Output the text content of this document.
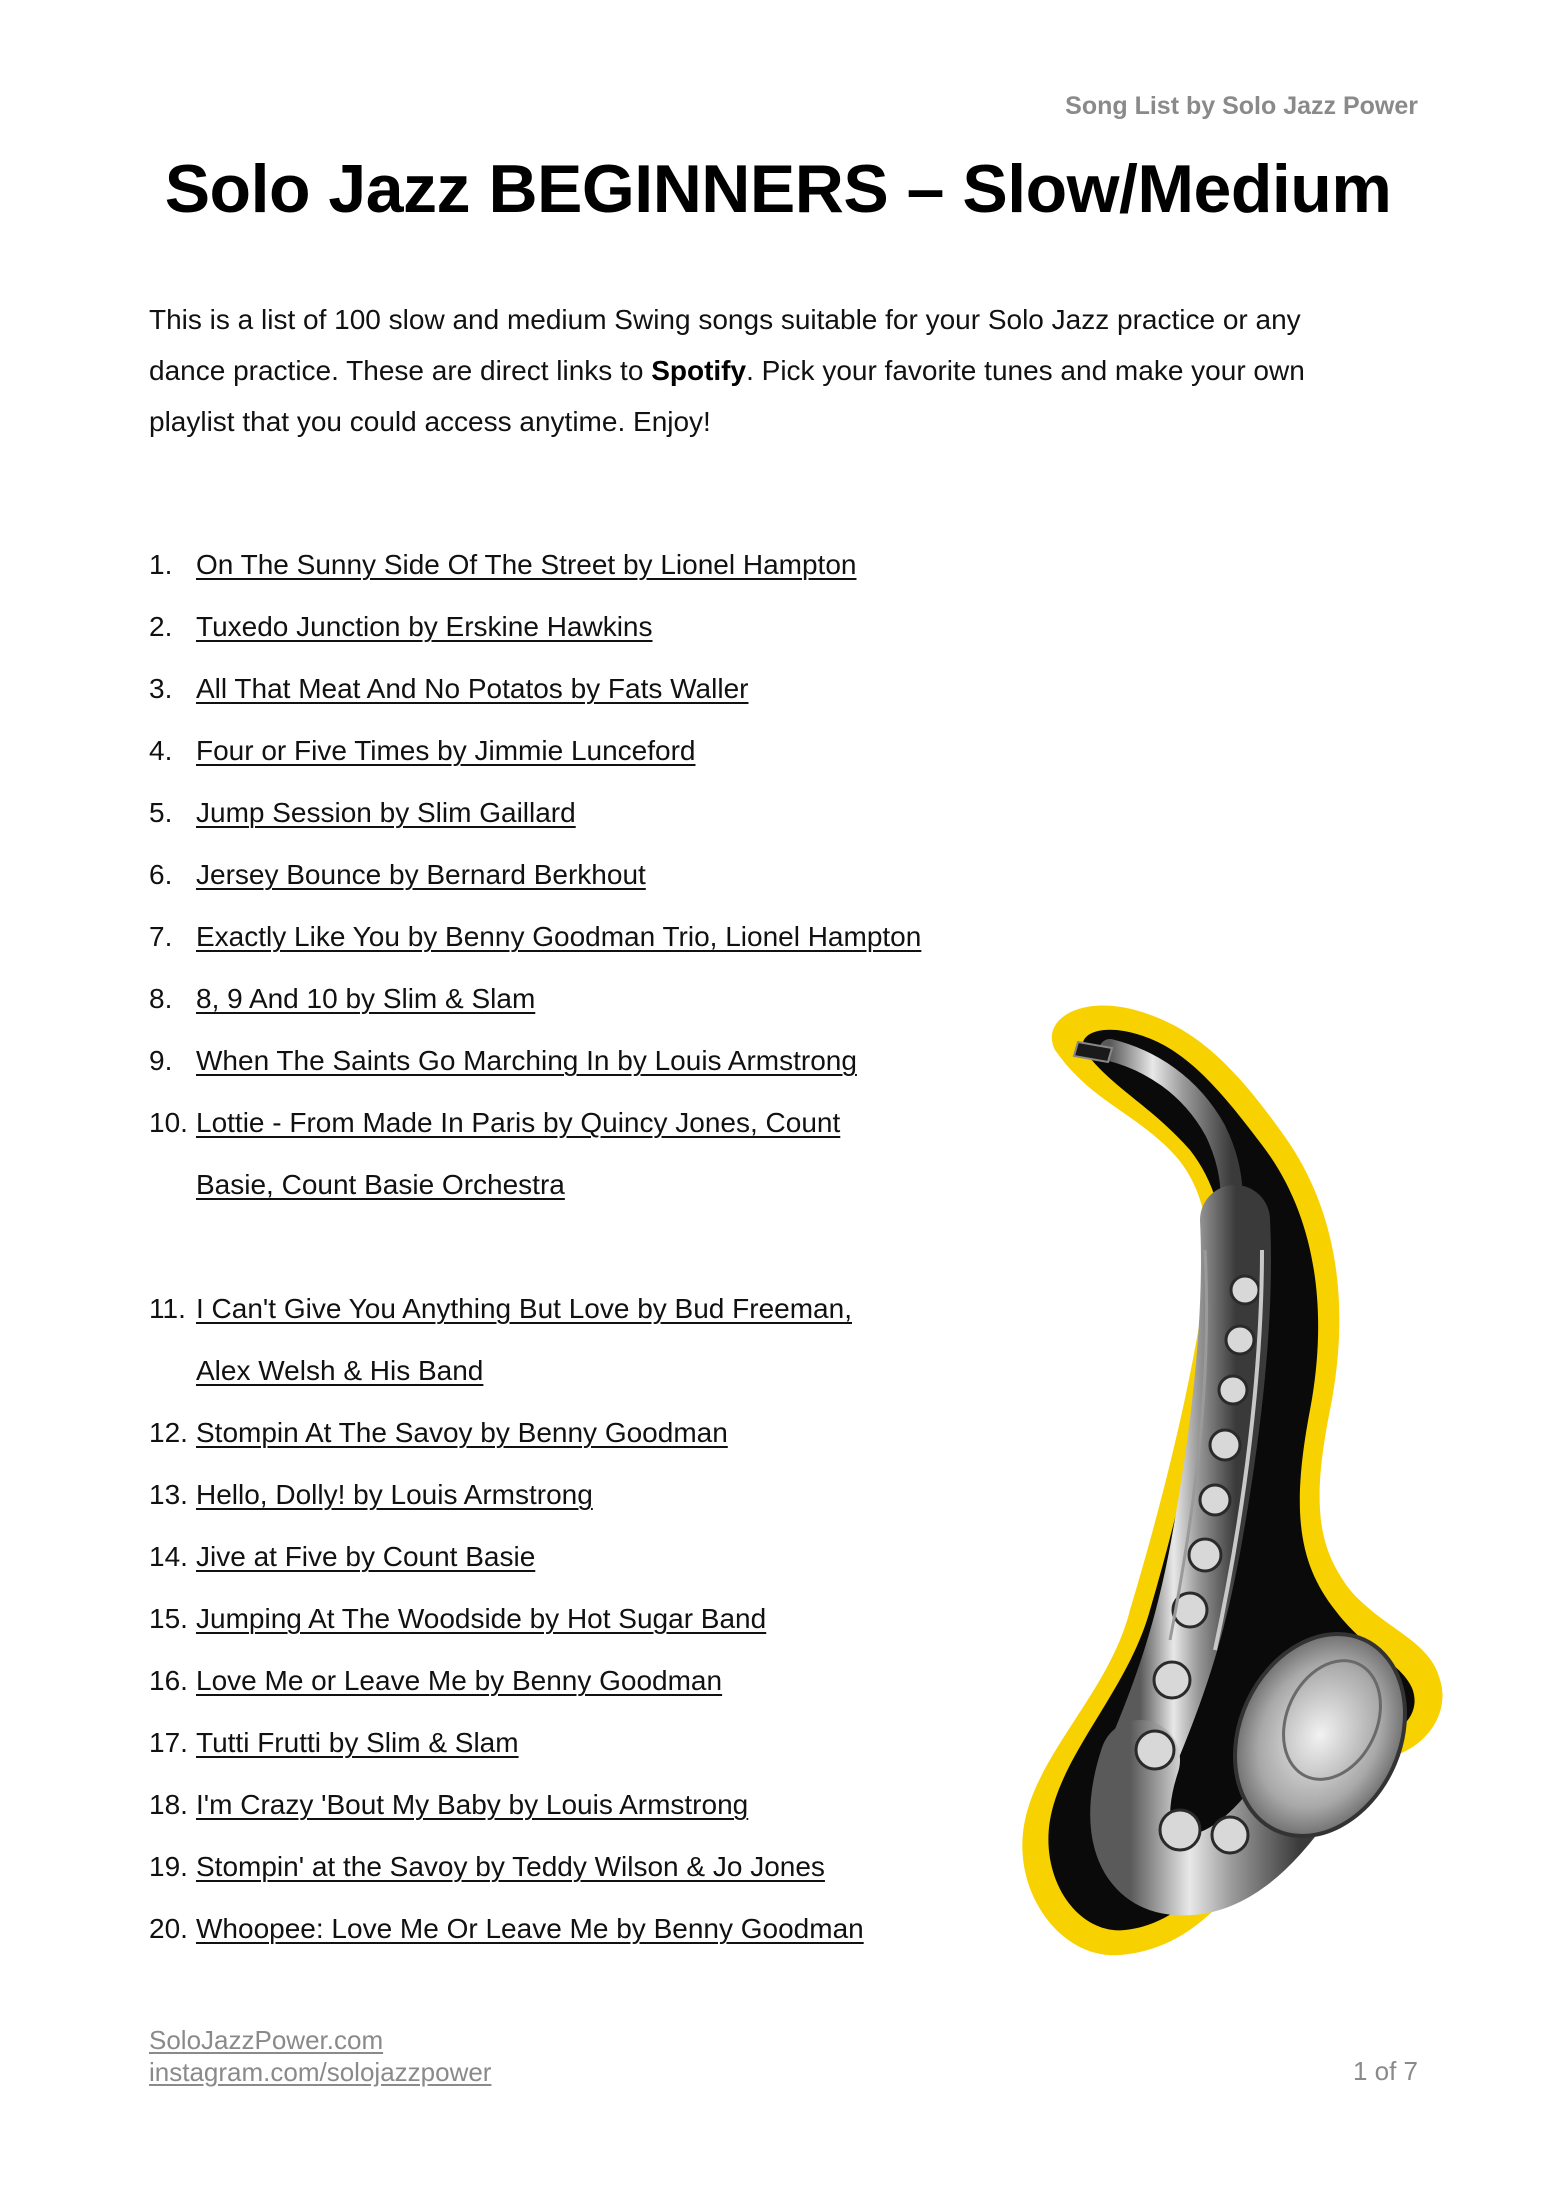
Song List by Solo Jazz Power
Solo Jazz BEGINNERS – Slow/Medium

This is a list of 100 slow and medium Swing songs suitable for your Solo Jazz practice or any dance practice. These are direct links to Spotify. Pick your favorite tunes and make your own playlist that you could access anytime. Enjoy!

1. On The Sunny Side Of The Street by Lionel Hampton
2. Tuxedo Junction by Erskine Hawkins
3. All That Meat And No Potatos by Fats Waller
4. Four or Five Times by Jimmie Lunceford
5. Jump Session by Slim Gaillard
6. Jersey Bounce by Bernard Berkhout
7. Exactly Like You by Benny Goodman Trio, Lionel Hampton
8. 8, 9 And 10 by Slim & Slam
9. When The Saints Go Marching In by Louis Armstrong
10. Lottie - From Made In Paris by Quincy Jones, Count Basie, Count Basie Orchestra
11. I Can't Give You Anything But Love by Bud Freeman, Alex Welsh & His Band
12. Stompin At The Savoy by Benny Goodman
13. Hello, Dolly! by Louis Armstrong
14. Jive at Five by Count Basie
15. Jumping At The Woodside by Hot Sugar Band
16. Love Me or Leave Me by Benny Goodman
17. Tutti Frutti by Slim & Slam
18. I'm Crazy 'Bout My Baby by Louis Armstrong
19. Stompin' at the Savoy by Teddy Wilson & Jo Jones
20. Whoopee: Love Me Or Leave Me by Benny Goodman
SoloJazzPower.com
instagram.com/solojazzpower	1 of 7
